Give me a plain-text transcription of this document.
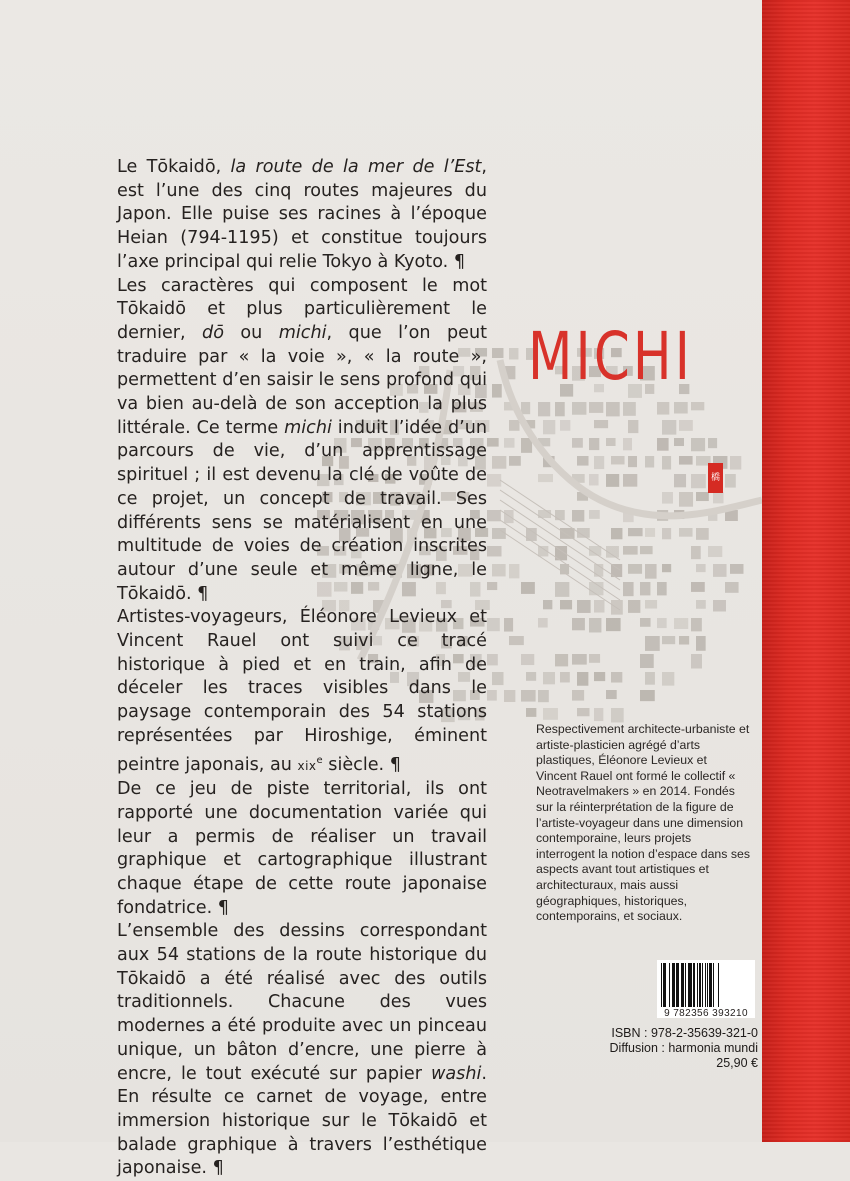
Le Tōkaidō, la route de la mer de l’Est, est l’une des cinq routes majeures du Japon. Elle puise ses racines à l’époque Heian (794-1195) et constitue toujours l’axe principal qui relie Tokyo à Kyoto. ¶

Les caractères qui composent le mot Tōkaidō et plus particulièrement le dernier, dō ou michi, que l’on peut traduire par « la voie », « la route », permettent d’en saisir le sens profond qui va bien au-delà de son acception la plus littérale. Ce terme michi induit l’idée d’un parcours de vie, d’un apprentissage spirituel ; il est devenu la clé de voûte de ce projet, un concept de travail. Ses différents sens se matérialisent en une multitude de voies de création inscrites autour d’une seule et même ligne, le Tōkaidō. ¶

Artistes-voyageurs, Éléonore Levieux et Vincent Rauel ont suivi ce tracé historique à pied et en train, afin de déceler les traces visibles dans le paysage contemporain des 54 stations représentées par Hiroshige, éminent peintre japonais, au xix$^e$ siècle. ¶

De ce jeu de piste territorial, ils ont rapporté une documentation variée qui leur a permis de réaliser un travail graphique et cartographique illustrant chaque étape de cette route japonaise fondatrice. ¶

L’ensemble des dessins correspondant aux 54 stations de la route historique du Tōkaidō a été réalisé avec des outils traditionnels. Chacune des vues modernes a été produite avec un pinceau unique, un bâton d’encre, une pierre à encre, le tout exécuté sur papier washi. En résulte ce carnet de voyage, entre immersion historique sur le Tōkaidō et balade graphique à travers l’esthétique japonaise. ¶

MICHI
橋
Respectivement architecte-urbaniste et artiste-plasticien agrégé d’arts plastiques, Éléonore Levieux et Vincent Rauel ont formé le collectif « Neotravelmakers » en 2014. Fondés sur la réinterprétation de la figure de l’artiste-voyageur dans une dimension contemporaine, leurs projets interrogent la notion d’espace dans ses aspects avant tout artistiques et architecturaux, mais aussi géographiques, historiques, contemporains, et sociaux.
9 782356 393210
ISBN : 978-2-35639-321-0
Diffusion : harmonia mundi
25,90 €
